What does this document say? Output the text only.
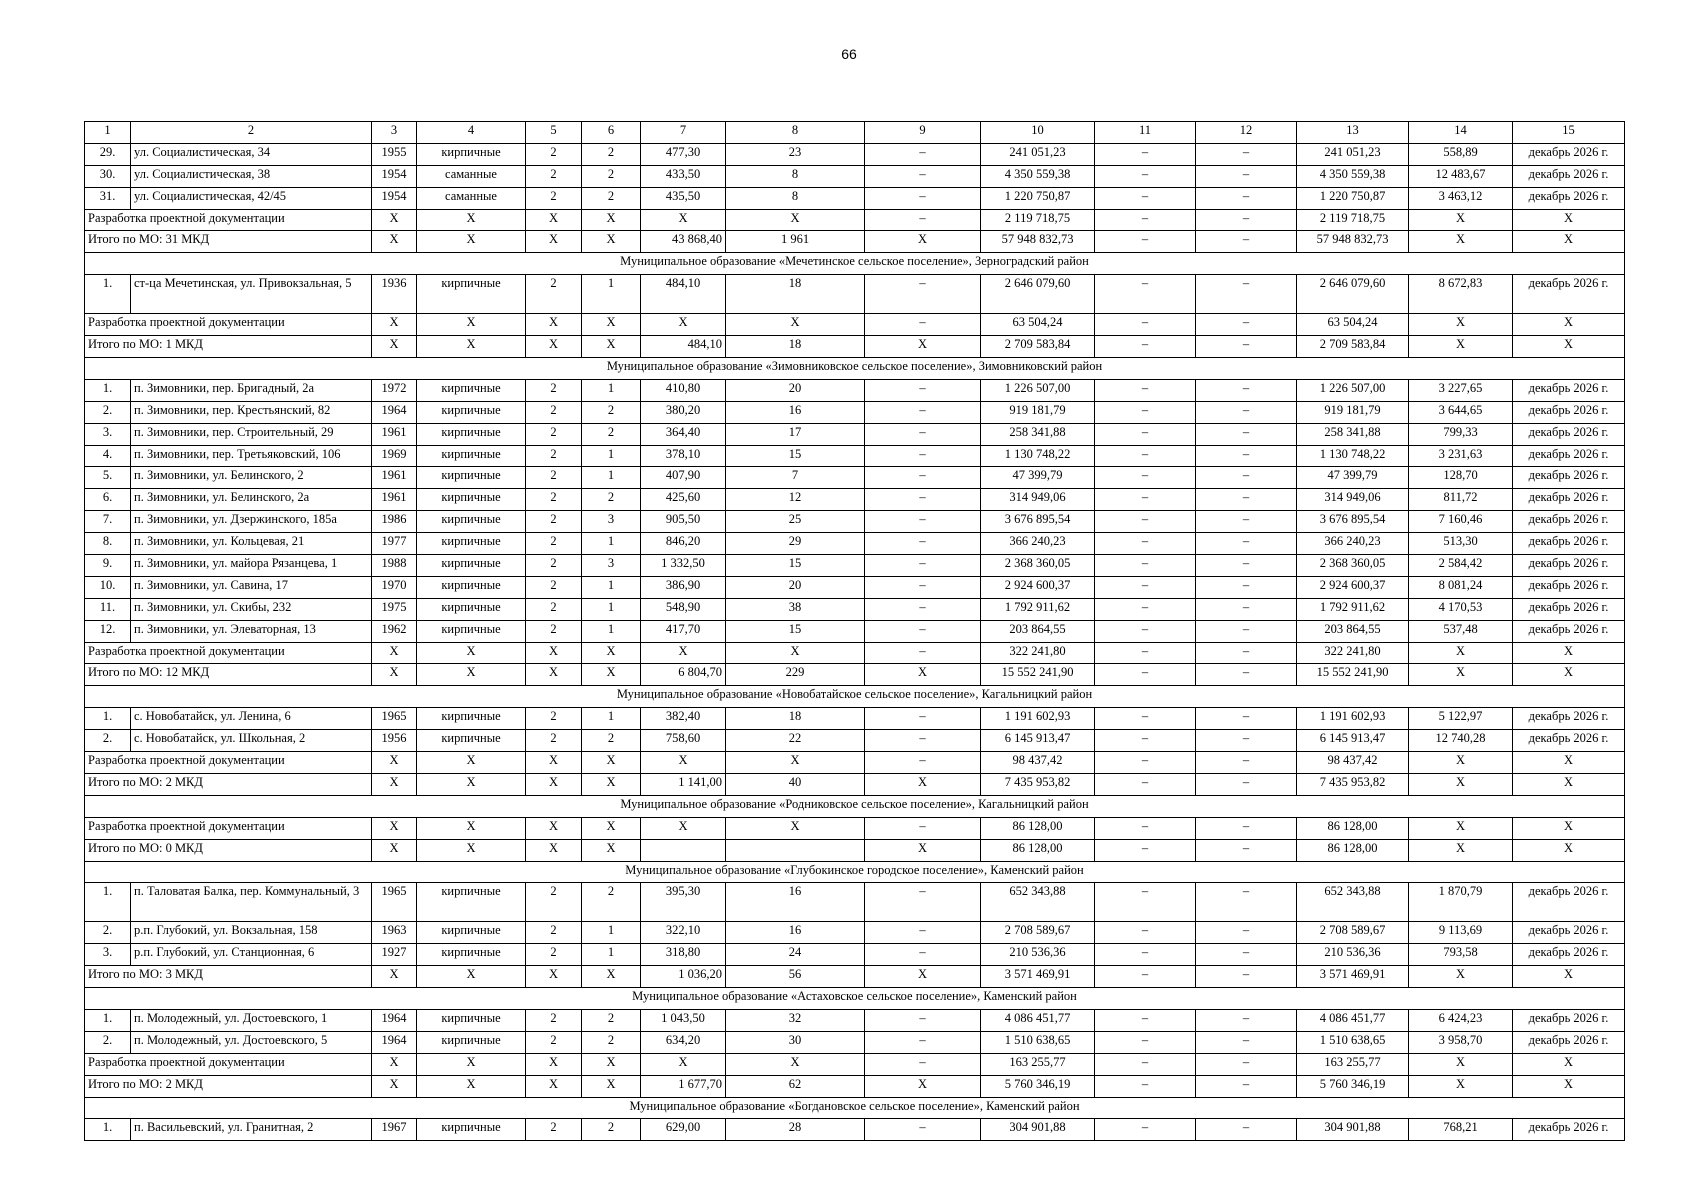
66
1	2	3	4	5	6	7	8	9	10	11	12	13	14	15
29.	ул. Социалистическая, 34	1955	кирпичные	2	2	477,30	23	–	241 051,23	–	–	241 051,23	558,89	декабрь 2026 г.
30.	ул. Социалистическая, 38	1954	саманные	2	2	433,50	8	–	4 350 559,38	–	–	4 350 559,38	12 483,67	декабрь 2026 г.
31.	ул. Социалистическая, 42/45	1954	саманные	2	2	435,50	8	–	1 220 750,87	–	–	1 220 750,87	3 463,12	декабрь 2026 г.
Разработка проектной документации		X	X	X	X	X	X	–	2 119 718,75	–	–	2 119 718,75	X	X
Итого по МО: 31 МКД		X	X	X	X	43 868,40	1 961	X	57 948 832,73	–	–	57 948 832,73	X	X
Муниципальное образование «Мечетинское сельское поселение», Зерноградский район														
1.	ст-ца Мечетинская, ул. Привокзальная, 5	1936	кирпичные	2	1	484,10	18	–	2 646 079,60	–	–	2 646 079,60	8 672,83	декабрь 2026 г.
Разработка проектной документации		X	X	X	X	X	X	–	63 504,24	–	–	63 504,24	X	X
Итого по МО: 1 МКД		X	X	X	X	484,10	18	X	2 709 583,84	–	–	2 709 583,84	X	X
Муниципальное образование «Зимовниковское сельское поселение», Зимовниковский район														
1.	п. Зимовники, пер. Бригадный, 2а	1972	кирпичные	2	1	410,80	20	–	1 226 507,00	–	–	1 226 507,00	3 227,65	декабрь 2026 г.
2.	п. Зимовники, пер. Крестьянский, 82	1964	кирпичные	2	2	380,20	16	–	919 181,79	–	–	919 181,79	3 644,65	декабрь 2026 г.
3.	п. Зимовники, пер. Строительный, 29	1961	кирпичные	2	2	364,40	17	–	258 341,88	–	–	258 341,88	799,33	декабрь 2026 г.
4.	п. Зимовники, пер. Третьяковский, 106	1969	кирпичные	2	1	378,10	15	–	1 130 748,22	–	–	1 130 748,22	3 231,63	декабрь 2026 г.
5.	п. Зимовники, ул. Белинского, 2	1961	кирпичные	2	1	407,90	7	–	47 399,79	–	–	47 399,79	128,70	декабрь 2026 г.
6.	п. Зимовники, ул. Белинского, 2а	1961	кирпичные	2	2	425,60	12	–	314 949,06	–	–	314 949,06	811,72	декабрь 2026 г.
7.	п. Зимовники, ул. Дзержинского, 185а	1986	кирпичные	2	3	905,50	25	–	3 676 895,54	–	–	3 676 895,54	7 160,46	декабрь 2026 г.
8.	п. Зимовники, ул. Кольцевая, 21	1977	кирпичные	2	1	846,20	29	–	366 240,23	–	–	366 240,23	513,30	декабрь 2026 г.
9.	п. Зимовники, ул. майора Рязанцева, 1	1988	кирпичные	2	3	1 332,50	15	–	2 368 360,05	–	–	2 368 360,05	2 584,42	декабрь 2026 г.
10.	п. Зимовники, ул. Савина, 17	1970	кирпичные	2	1	386,90	20	–	2 924 600,37	–	–	2 924 600,37	8 081,24	декабрь 2026 г.
11.	п. Зимовники, ул. Скибы, 232	1975	кирпичные	2	1	548,90	38	–	1 792 911,62	–	–	1 792 911,62	4 170,53	декабрь 2026 г.
12.	п. Зимовники, ул. Элеваторная, 13	1962	кирпичные	2	1	417,70	15	–	203 864,55	–	–	203 864,55	537,48	декабрь 2026 г.
Разработка проектной документации		X	X	X	X	X	X	–	322 241,80	–	–	322 241,80	X	X
Итого по МО: 12 МКД		X	X	X	X	6 804,70	229	X	15 552 241,90	–	–	15 552 241,90	X	X
Муниципальное образование «Новобатайское сельское поселение», Кагальницкий район														
1.	с. Новобатайск, ул. Ленина, 6	1965	кирпичные	2	1	382,40	18	–	1 191 602,93	–	–	1 191 602,93	5 122,97	декабрь 2026 г.
2.	с. Новобатайск, ул. Школьная, 2	1956	кирпичные	2	2	758,60	22	–	6 145 913,47	–	–	6 145 913,47	12 740,28	декабрь 2026 г.
Разработка проектной документации		X	X	X	X	X	X	–	98 437,42	–	–	98 437,42	X	X
Итого по МО: 2 МКД		X	X	X	X	1 141,00	40	X	7 435 953,82	–	–	7 435 953,82	X	X
Муниципальное образование «Родниковское сельское поселение», Кагальницкий район														
Разработка проектной документации		X	X	X	X	X	X	–	86 128,00	–	–	86 128,00	X	X
Итого по МО: 0 МКД		X	X	X	X			X	86 128,00	–	–	86 128,00	X	X
Муниципальное образование «Глубокинское городское поселение», Каменский район														
1.	п. Таловатая Балка, пер. Коммунальный, 3	1965	кирпичные	2	2	395,30	16	–	652 343,88	–	–	652 343,88	1 870,79	декабрь 2026 г.
2.	р.п. Глубокий, ул. Вокзальная, 158	1963	кирпичные	2	1	322,10	16	–	2 708 589,67	–	–	2 708 589,67	9 113,69	декабрь 2026 г.
3.	р.п. Глубокий, ул. Станционная, 6	1927	кирпичные	2	1	318,80	24	–	210 536,36	–	–	210 536,36	793,58	декабрь 2026 г.
Итого по МО: 3 МКД		X	X	X	X	1 036,20	56	X	3 571 469,91	–	–	3 571 469,91	X	X
Муниципальное образование «Астаховское сельское поселение», Каменский район														
1.	п. Молодежный, ул. Достоевского, 1	1964	кирпичные	2	2	1 043,50	32	–	4 086 451,77	–	–	4 086 451,77	6 424,23	декабрь 2026 г.
2.	п. Молодежный, ул. Достоевского, 5	1964	кирпичные	2	2	634,20	30	–	1 510 638,65	–	–	1 510 638,65	3 958,70	декабрь 2026 г.
Разработка проектной документации		X	X	X	X	X	X	–	163 255,77	–	–	163 255,77	X	X
Итого по МО: 2 МКД		X	X	X	X	1 677,70	62	X	5 760 346,19	–	–	5 760 346,19	X	X
Муниципальное образование «Богдановское сельское поселение», Каменский район														
1.	п. Васильевский, ул. Гранитная, 2	1967	кирпичные	2	2	629,00	28	–	304 901,88	–	–	304 901,88	768,21	декабрь 2026 г.
